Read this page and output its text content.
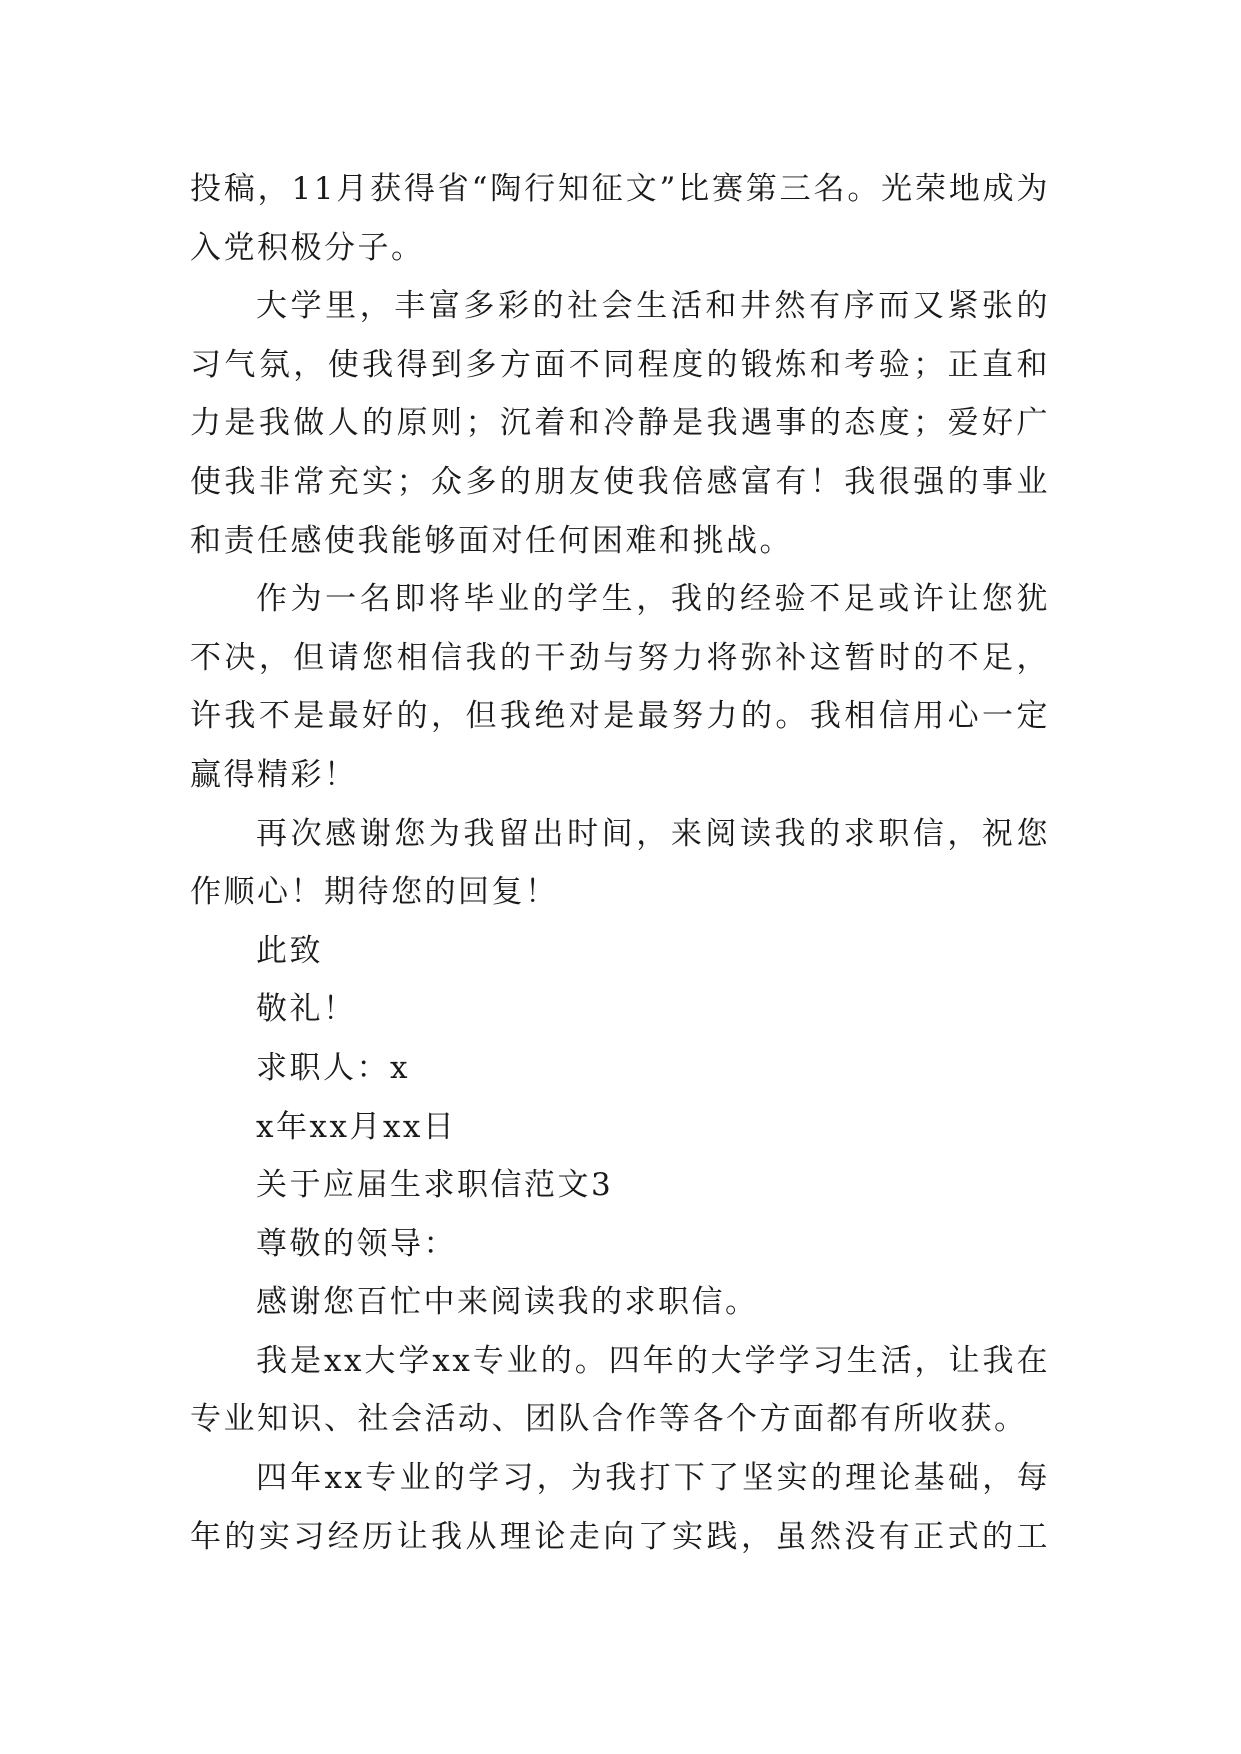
投稿，11月获得省“陶行知征文”比赛第三名。光荣地成为
入党积极分子。
大学里，丰富多彩的社会生活和井然有序而又紧张的
习气氛，使我得到多方面不同程度的锻炼和考验；正直和
力是我做人的原则；沉着和冷静是我遇事的态度；爱好广
使我非常充实；众多的朋友使我倍感富有！我很强的事业
和责任感使我能够面对任何困难和挑战。
作为一名即将毕业的学生，我的经验不足或许让您犹
不决，但请您相信我的干劲与努力将弥补这暂时的不足，
许我不是最好的，但我绝对是最努力的。我相信用心一定
赢得精彩！
再次感谢您为我留出时间，来阅读我的求职信，祝您
作顺心！期待您的回复！
此致
敬礼！
求职人：x
x年xx月xx日
关于应届生求职信范文3
尊敬的领导：
感谢您百忙中来阅读我的求职信。
我是xx大学xx专业的。四年的大学学习生活，让我在
专业知识、社会活动、团队合作等各个方面都有所收获。
四年xx专业的学习，为我打下了坚实的理论基础，每
年的实习经历让我从理论走向了实践，虽然没有正式的工
